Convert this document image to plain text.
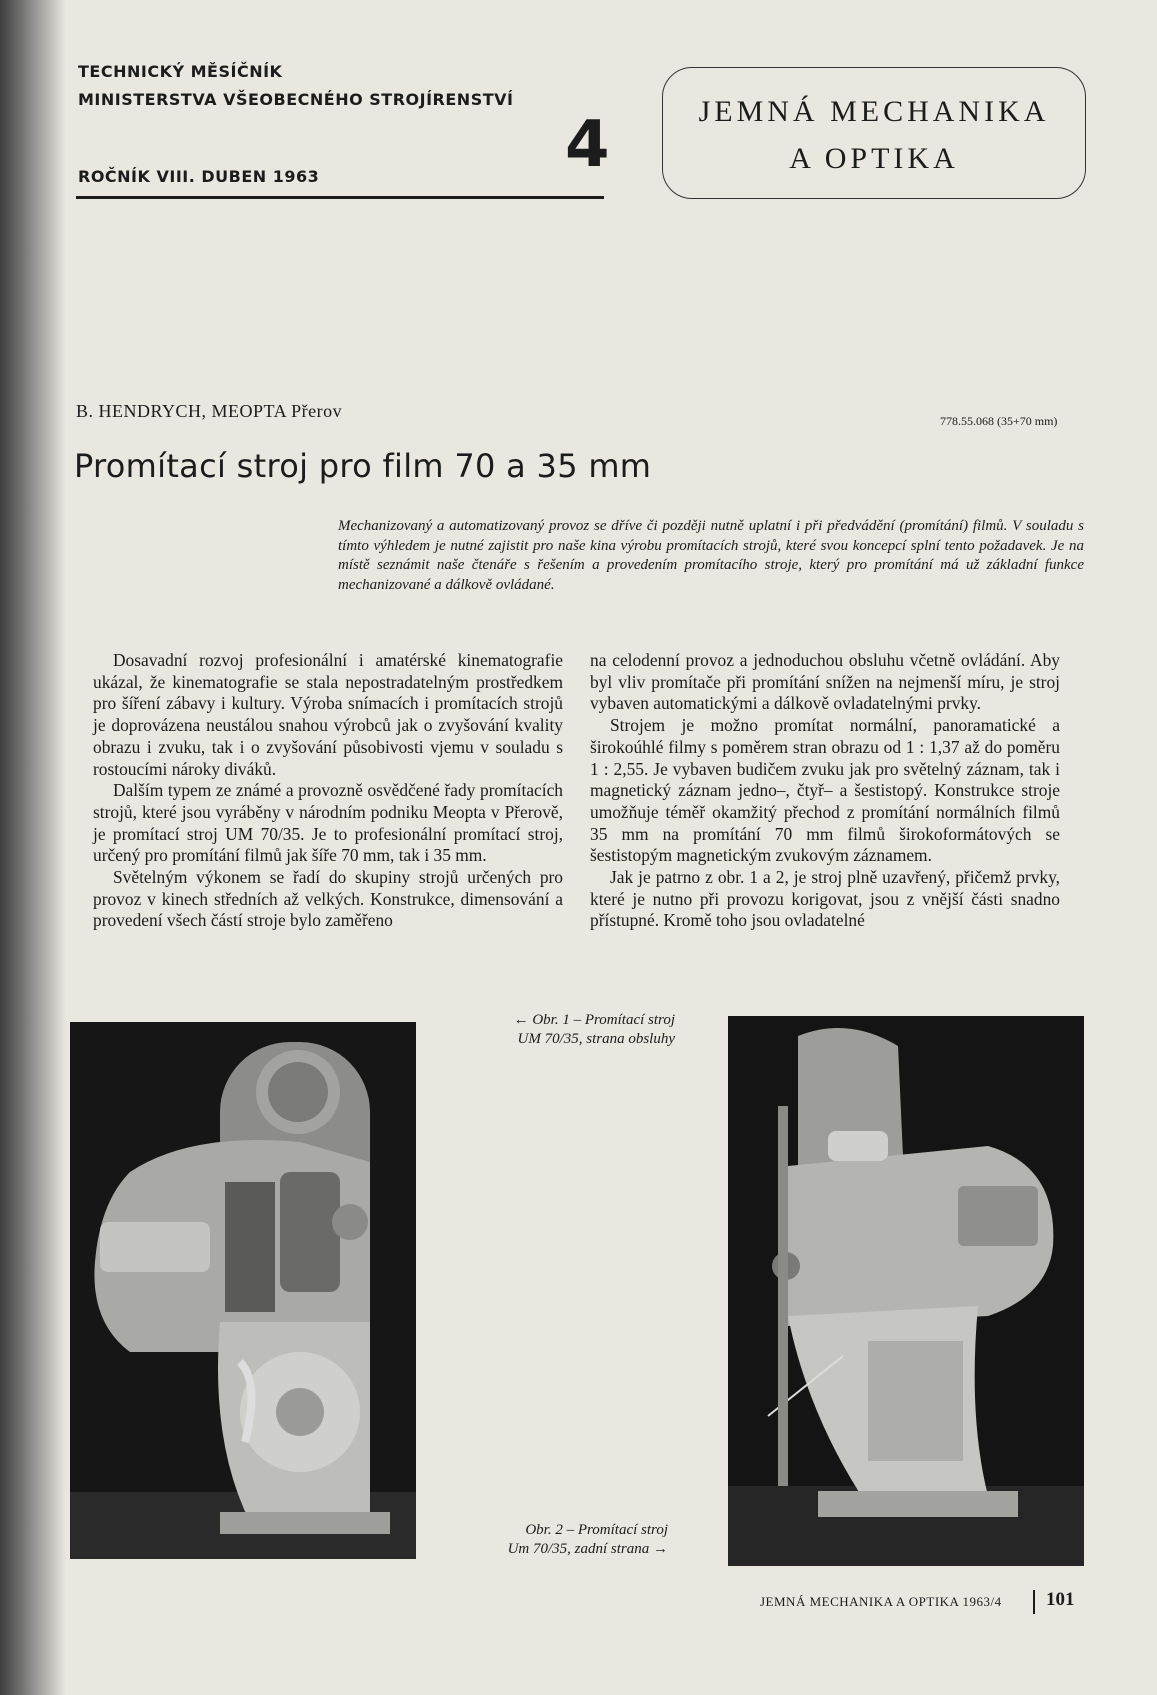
TECHNICKÝ MĚSÍČNÍK
MINISTERSTVA VŠEOBECNÉHO STROJÍRENSTVÍ
ROČNÍK VIII. DUBEN 1963	4	JEMNÁ MECHANIKA
A OPTIKA
B. HENDRYCH, MEOPTA Přerov	778.55.068 (35+70 mm)
Promítací stroj pro film 70 a 35 mm
Mechanizovaný a automatizovaný provoz se dříve či později nutně uplatní i při předvádění (promítání) filmů. V souladu s tímto výhledem je nutné zajistit pro naše kina výrobu promítacích strojů, které svou koncepcí splní tento požadavek. Je na místě seznámit naše čtenáře s řešením a provedením promítacího stroje, který pro promítání má už základní funkce mechanizované a dálkově ovládané.

Dosavadní rozvoj profesionální i amatérské kinematografie ukázal, že kinematografie se stala nepostradatelným prostředkem pro šíření zábavy i kultury. Výroba snímacích i promítacích strojů je doprovázena neustálou snahou výrobců jak o zvyšování kvality obrazu i zvuku, tak i o zvyšování působivosti vjemu v souladu s rostoucími nároky diváků.

Dalším typem ze známé a provozně osvědčené řady promítacích strojů, které jsou vyráběny v národním podniku Meopta v Přerově, je promítací stroj UM 70/35. Je to profesionální promítací stroj, určený pro promítání filmů jak šíře 70 mm, tak i 35 mm.

Světelným výkonem se řadí do skupiny strojů určených pro provoz v kinech středních až velkých. Konstrukce, dimensování a provedení všech částí stroje bylo zaměřeno

na celodenní provoz a jednoduchou obsluhu včetně ovládání. Aby byl vliv promítače při promítání snížen na nejmenší míru, je stroj vybaven automatickými a dálkově ovladatelnými prvky.

Strojem je možno promítat normální, panoramatické a širokoúhlé filmy s poměrem stran obrazu od 1 : 1,37 až do poměru 1 : 2,55. Je vybaven budičem zvuku jak pro světelný záznam, tak i magnetický záznam jedno–, čtyř– a šestistopý. Konstrukce stroje umožňuje téměř okamžitý přechod z promítání normálních filmů 35 mm na promítání 70 mm filmů širokoformátových se šestistopým magnetickým zvukovým záznamem.

Jak je patrno z obr. 1 a 2, je stroj plně uzavřený, přičemž prvky, které je nutno při provozu korigovat, jsou z vnější části snadno přístupné. Kromě toho jsou ovladatelné

← Obr. 1 – Promítací stroj
UM 70/35, strana obsluhy
Obr. 2 – Promítací stroj
Um 70/35, zadní strana →
JEMNÁ MECHANIKA A OPTIKA 1963/4 101
